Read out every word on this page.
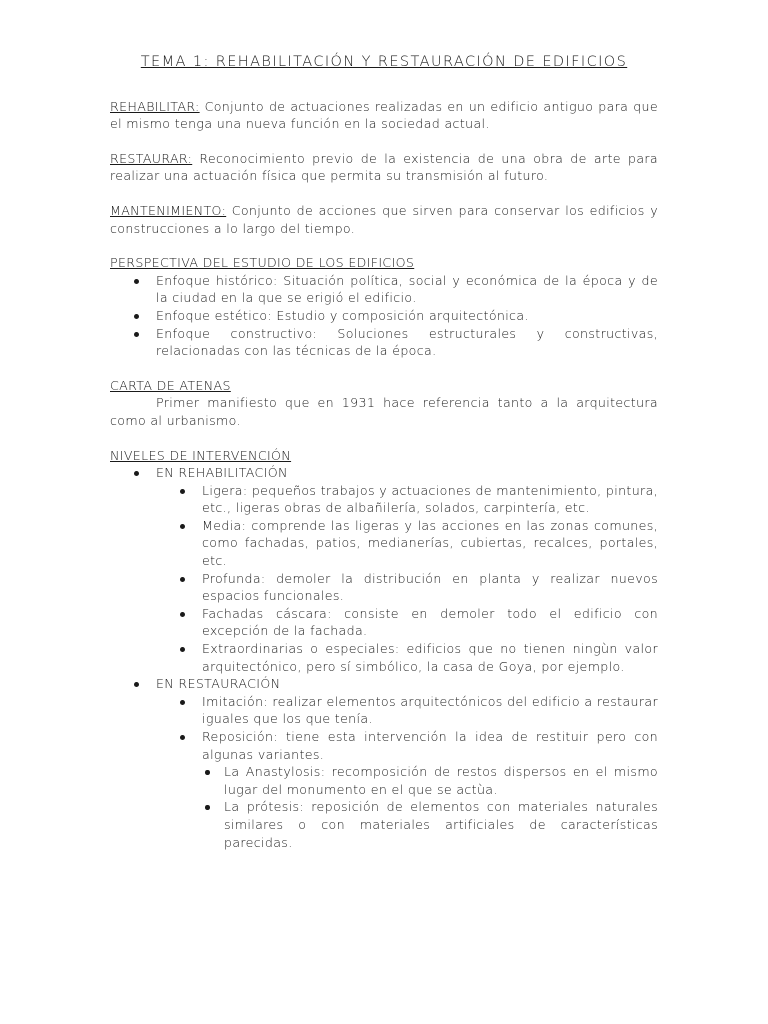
TEMA 1: REHABILITACIÓN Y RESTAURACIÓN DE EDIFICIOS

REHABILITAR: Conjunto de actuaciones realizadas en un edificio antiguo para que el mismo tenga una nueva función en la sociedad actual.

RESTAURAR: Reconocimiento previo de la existencia de una obra de arte para realizar una actuación física que permita su transmisión al futuro.

MANTENIMIENTO: Conjunto de acciones que sirven para conservar los edificios y construcciones a lo largo del tiempo.

PERSPECTIVA DEL ESTUDIO DE LOS EDIFICIOS
Enfoque histórico: Situación política, social y económica de la época y de la ciudad en la que se erigió el edificio.
Enfoque estético: Estudio y composición arquitectónica.
Enfoque constructivo: Soluciones estructurales y constructivas, relacionadas con las técnicas de la época.
CARTA DE ATENAS

Primer manifiesto que en 1931 hace referencia tanto a la arquitectura como al urbanismo.

NIVELES DE INTERVENCIÓN
EN REHABILITACIÓN
Ligera: pequeños trabajos y actuaciones de mantenimiento, pintura, etc., ligeras obras de albañilería, solados, carpintería, etc.
Media: comprende las ligeras y las acciones en las zonas comunes, como fachadas, patios, medianerías, cubiertas, recalces, portales, etc.
Profunda: demoler la distribución en planta y realizar nuevos espacios funcionales.
Fachadas cáscara: consiste en demoler todo el edificio con excepción de la fachada.
Extraordinarias o especiales: edificios que no tienen ningùn valor arquitectónico, pero sí simbólico, la casa de Goya, por ejemplo.
EN RESTAURACIÓN
Imitación: realizar elementos arquitectónicos del edificio a restaurar iguales que los que tenía.
Reposición: tiene esta intervención la idea de restituir pero con algunas variantes.
La Anastylosis: recomposición de restos dispersos en el mismo lugar del monumento en el que se actùa.
La prótesis: reposición de elementos con materiales naturales similares o con materiales artificiales de características parecidas.
